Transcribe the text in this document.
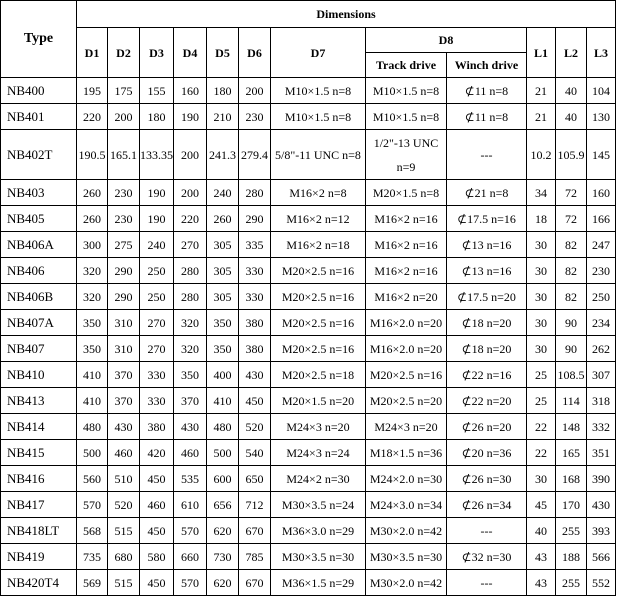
Type	Dimensions											
	D1	D2	D3	D4	D5	D6	D7	D8		L1	L2	L3
								Track drive	Winch drive			
NB400	195	175	155	160	180	200	M10×1.5 n=8	M10×1.5 n=8	⊄11 n=8	21	40	104
NB401	220	200	180	190	210	230	M10×1.5 n=8	M10×1.5 n=8	⊄11 n=8	21	40	130
NB402T	190.5	165.1	133.35	200	241.3	279.4	5/8"-11 UNC n=8	1/2"-13 UNC n=9	---	10.2	105.9	145
NB403	260	230	190	200	240	280	M16×2 n=8	M20×1.5 n=8	⊄21 n=8	34	72	160
NB405	260	230	190	220	260	290	M16×2 n=12	M16×2 n=16	⊄17.5 n=16	18	72	166
NB406A	300	275	240	270	305	335	M16×2 n=18	M16×2 n=16	⊄13 n=16	30	82	247
NB406	320	290	250	280	305	330	M20×2.5 n=16	M16×2 n=16	⊄13 n=16	30	82	230
NB406B	320	290	250	280	305	330	M20×2.5 n=16	M16×2 n=20	⊄17.5 n=20	30	82	250
NB407A	350	310	270	320	350	380	M20×2.5 n=16	M16×2.0 n=20	⊄18 n=20	30	90	234
NB407	350	310	270	320	350	380	M20×2.5 n=16	M16×2.0 n=20	⊄18 n=20	30	90	262
NB410	410	370	330	350	400	430	M20×2.5 n=18	M20×2.5 n=16	⊄22 n=16	25	108.5	307
NB413	410	370	330	370	410	450	M20×1.5 n=20	M20×2.5 n=20	⊄22 n=20	25	114	318
NB414	480	430	380	430	480	520	M24×3 n=20	M24×3 n=20	⊄26 n=20	22	148	332
NB415	500	460	420	460	500	540	M24×3 n=24	M18×1.5 n=36	⊄20 n=36	22	165	351
NB416	560	510	450	535	600	650	M24×2 n=30	M24×2.0 n=30	⊄26 n=30	30	168	390
NB417	570	520	460	610	656	712	M30×3.5 n=24	M24×3.0 n=34	⊄26 n=34	45	170	430
NB418LT	568	515	450	570	620	670	M36×3.0 n=29	M30×2.0 n=42	---	40	255	393
NB419	735	680	580	660	730	785	M30×3.5 n=30	M30×3.5 n=30	⊄32 n=30	43	188	566
NB420T4	569	515	450	570	620	670	M36×1.5 n=29	M30×2.0 n=42	---	43	255	552
